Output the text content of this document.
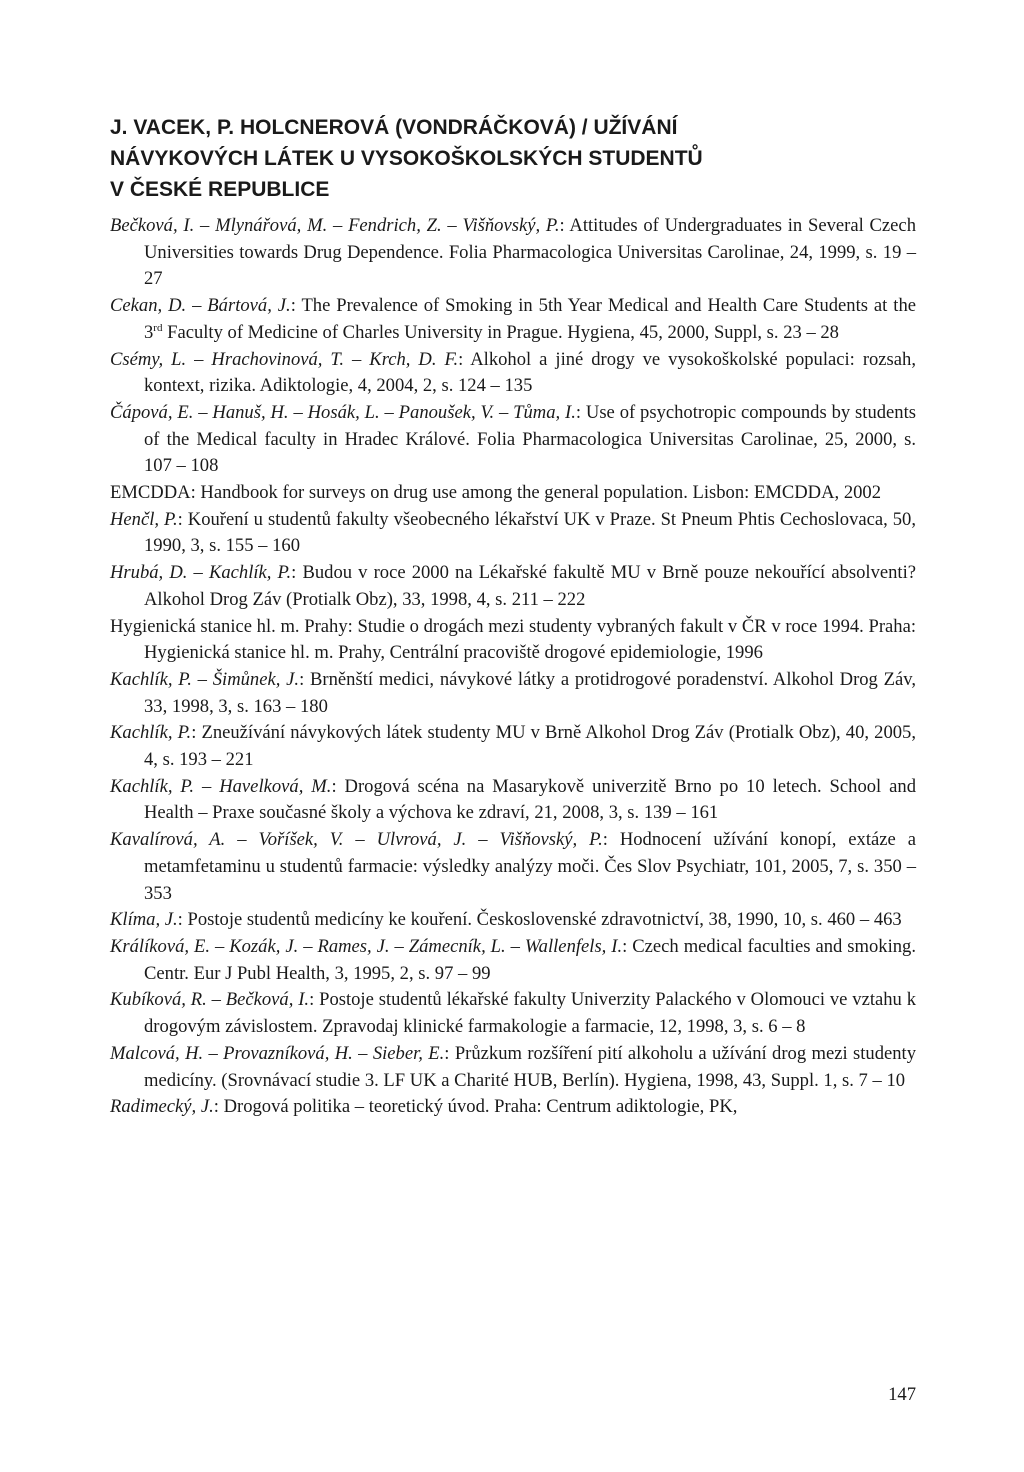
J. VACEK, P. HOLCNEROVÁ (VONDRÁČKOVÁ) / UŽÍVÁNÍ
NÁVYKOVÝCH LÁTEK U VYSOKOŠKOLSKÝCH STUDENTŮ
V ČESKÉ REPUBLICE

Bečková, I. – Mlynářová, M. – Fendrich, Z. – Višňovský, P.: Attitudes of Undergraduates in Several Czech Universities towards Drug Dependence. Folia Pharmacologica Universitas Carolinae, 24, 1999, s. 19 – 27

Cekan, D. – Bártová, J.: The Prevalence of Smoking in 5th Year Medical and Health Care Students at the 3rd Faculty of Medicine of Charles University in Prague. Hygiena, 45, 2000, Suppl, s. 23 – 28

Csémy, L. – Hrachovinová, T. – Krch, D. F.: Alkohol a jiné drogy ve vysokoškolské populaci: rozsah, kontext, rizika. Adiktologie, 4, 2004, 2, s. 124 – 135

Čápová, E. – Hanuš, H. – Hosák, L. – Panoušek, V. – Tůma, I.: Use of psychotropic compounds by students of the Medical faculty in Hradec Králové. Folia Pharmacologica Universitas Carolinae, 25, 2000, s. 107 – 108

EMCDDA: Handbook for surveys on drug use among the general population. Lisbon: EMCDDA, 2002

Henčl, P.: Kouření u studentů fakulty všeobecného lékařství UK v Praze. St Pneum Phtis Cechoslovaca, 50, 1990, 3, s. 155 – 160

Hrubá, D. – Kachlík, P.: Budou v roce 2000 na Lékařské fakultě MU v Brně pouze nekouřící absolventi? Alkohol Drog Záv (Protialk Obz), 33, 1998, 4, s. 211 – 222

Hygienická stanice hl. m. Prahy: Studie o drogách mezi studenty vybraných fakult v ČR v roce 1994. Praha: Hygienická stanice hl. m. Prahy, Centrální pracoviště drogové epidemiologie, 1996

Kachlík, P. – Šimůnek, J.: Brněnští medici, návykové látky a protidrogové poradenství. Alkohol Drog Záv, 33, 1998, 3, s. 163 – 180

Kachlík, P.: Zneužívání návykových látek studenty MU v Brně Alkohol Drog Záv (Protialk Obz), 40, 2005, 4, s. 193 – 221

Kachlík, P. – Havelková, M.: Drogová scéna na Masarykově univerzitě Brno po 10 letech. School and Health – Praxe současné školy a výchova ke zdraví, 21, 2008, 3, s. 139 – 161

Kavalírová, A. – Voříšek, V. – Ulvrová, J. – Višňovský, P.: Hodnocení užívání konopí, extáze a metamfetaminu u studentů farmacie: výsledky analýzy moči. Čes Slov Psychiatr, 101, 2005, 7, s. 350 – 353

Klíma, J.: Postoje studentů medicíny ke kouření. Československé zdravotnictví, 38, 1990, 10, s. 460 – 463

Králíková, E. – Kozák, J. – Rames, J. – Zámecník, L. – Wallenfels, I.: Czech medical faculties and smoking. Centr. Eur J Publ Health, 3, 1995, 2, s. 97 – 99

Kubíková, R. – Bečková, I.: Postoje studentů lékařské fakulty Univerzity Palackého v Olomouci ve vztahu k drogovým závislostem. Zpravodaj klinické farmakologie a farmacie, 12, 1998, 3, s. 6 – 8

Malcová, H. – Provazníková, H. – Sieber, E.: Průzkum rozšíření pití alkoholu a užívání drog mezi studenty medicíny. (Srovnávací studie 3. LF UK a Charité HUB, Berlín). Hygiena, 1998, 43, Suppl. 1, s. 7 – 10

Radimecký, J.: Drogová politika – teoretický úvod. Praha: Centrum adiktologie, PK,

147
